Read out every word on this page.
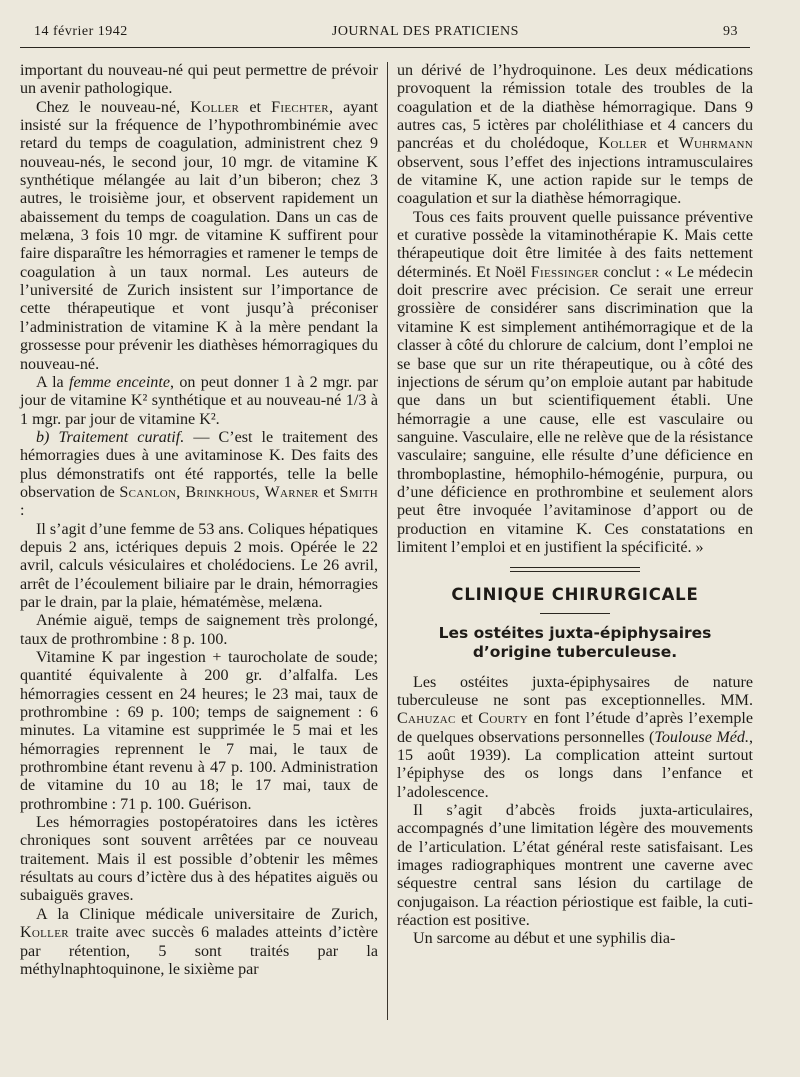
14 février 1942	JOURNAL DES PRATICIENS	93

important du nouveau-né qui peut permettre de prévoir un avenir pathologique.

Chez le nouveau-né, Koller et Fiechter, ayant insisté sur la fréquence de l’hypothrombinémie avec retard du temps de coagulation, administrent chez 9 nouveau-nés, le second jour, 10 mgr. de vitamine K synthétique mélangée au lait d’un biberon; chez 3 autres, le troisième jour, et observent rapidement un abaissement du temps de coagulation. Dans un cas de melæna, 3 fois 10 mgr. de vitamine K suffirent pour faire disparaître les hémorragies et ramener le temps de coagulation à un taux normal. Les auteurs de l’université de Zurich insistent sur l’importance de cette thérapeutique et vont jusqu’à préconiser l’administration de vitamine K à la mère pendant la grossesse pour prévenir les diathèses hémorragiques du nouveau-né.

A la femme enceinte, on peut donner 1 à 2 mgr. par jour de vitamine K² synthétique et au nouveau-né 1/3 à 1 mgr. par jour de vitamine K².

b) Traitement curatif. — C’est le traitement des hémorragies dues à une avitaminose K. Des faits des plus démonstratifs ont été rapportés, telle la belle observation de Scanlon, Brinkhous, Warner et Smith :

Il s’agit d’une femme de 53 ans. Coliques hépatiques depuis 2 ans, ictériques depuis 2 mois. Opérée le 22 avril, calculs vésiculaires et cholédociens. Le 26 avril, arrêt de l’écoulement biliaire par le drain, hémorragies par le drain, par la plaie, hématémèse, melæna.

Anémie aiguë, temps de saignement très prolongé, taux de prothrombine : 8 p. 100.

Vitamine K par ingestion + taurocholate de soude; quantité équivalente à 200 gr. d’alfalfa. Les hémorragies cessent en 24 heures; le 23 mai, taux de prothrombine : 69 p. 100; temps de saignement : 6 minutes. La vitamine est supprimée le 5 mai et les hémorragies reprennent le 7 mai, le taux de prothrombine étant revenu à 47 p. 100. Administration de vitamine du 10 au 18; le 17 mai, taux de prothrombine : 71 p. 100. Guérison.

Les hémorragies postopératoires dans les ictères chroniques sont souvent arrêtées par ce nouveau traitement. Mais il est possible d’obtenir les mêmes résultats au cours d’ictère dus à des hépatites aiguës ou subaiguës graves.

A la Clinique médicale universitaire de Zurich, Koller traite avec succès 6 malades atteints d’ictère par rétention, 5 sont traités par la méthylnaphtoquinone, le sixième par

un dérivé de l’hydroquinone. Les deux médications provoquent la rémission totale des troubles de la coagulation et de la diathèse hémorragique. Dans 9 autres cas, 5 ictères par cholélithiase et 4 cancers du pancréas et du cholédoque, Koller et Wuhrmann observent, sous l’effet des injections intramusculaires de vitamine K, une action rapide sur le temps de coagulation et sur la diathèse hémorragique.

Tous ces faits prouvent quelle puissance préventive et curative possède la vitaminothérapie K. Mais cette thérapeutique doit être limitée à des faits nettement déterminés. Et Noël Fiessinger conclut : « Le médecin doit prescrire avec précision. Ce serait une erreur grossière de considérer sans discrimination que la vitamine K est simplement antihémorragique et de la classer à côté du chlorure de calcium, dont l’emploi ne se base que sur un rite thérapeutique, ou à côté des injections de sérum qu’on emploie autant par habitude que dans un but scientifiquement établi. Une hémorragie a une cause, elle est vasculaire ou sanguine. Vasculaire, elle ne relève que de la résistance vasculaire; sanguine, elle résulte d’une déficience en thromboplastine, hémophilo-hémogénie, purpura, ou d’une déficience en prothrombine et seulement alors peut être invoquée l’avitaminose d’apport ou de production en vitamine K. Ces constatations en limitent l’emploi et en justifient la spécificité. »

CLINIQUE CHIRURGICALE
Les ostéites juxta-épiphysaires d’origine tuberculeuse.

Les ostéites juxta-épiphysaires de nature tuberculeuse ne sont pas exceptionnelles. MM. Cahuzac et Courty en font l’étude d’après l’exemple de quelques observations personnelles (Toulouse Méd., 15 août 1939). La complication atteint surtout l’épiphyse des os longs dans l’enfance et l’adolescence.

Il s’agit d’abcès froids juxta-articulaires, accompagnés d’une limitation légère des mouvements de l’articulation. L’état général reste satisfaisant. Les images radiographiques montrent une caverne avec séquestre central sans lésion du cartilage de conjugaison. La réaction périostique est faible, la cuti-réaction est positive.

Un sarcome au début et une syphilis dia-
